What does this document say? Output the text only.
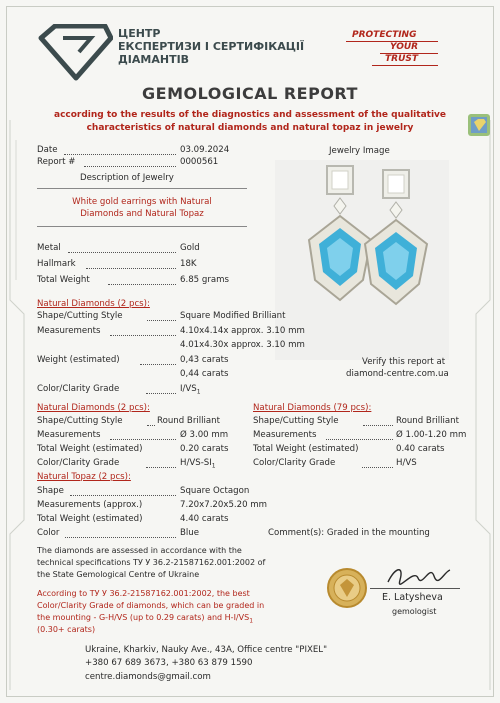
ЦЕНТР
ЕКСПЕРТИЗИ І СЕРТИФІКАЦІЇ
ДІАМАНТІВ
PROTECTING
YOUR
TRUST
GEMOLOGICAL REPORT
according to the results of the diagnostics and assessment of the qualitative
characteristics of natural diamonds and natural topaz in jewelry
Date	03.09.2024
Report #	0000561
Jewelry Image
Description of Jewelry
White gold earrings with Natural
Diamonds and Natural Topaz
Metal	Gold
Hallmark	18K
Total Weight	6.85 grams
Natural Diamonds (2 pcs):
Shape/Cutting Style	Square Modified Brilliant
Measurements	4.10x4.14x approx. 3.10 mm
4.01x4.30x approx. 3.10 mm
Weight (estimated)	0,43 carats
0,44 carats
Color/Clarity Grade	$I/VS_1$
Verify this report at
diamond-centre.com.ua
Natural Diamonds (2 pcs):
Shape/Cutting Style	Round Brilliant
Measurements	Ø 3.00 mm
Total Weight (estimated)	0.20 carats
Color/Clarity Grade	$H/VS-SI_1$
Natural Diamonds (79 pcs):
Shape/Cutting Style	Round Brilliant
Measurements	Ø 1.00-1.20 mm
Total Weight (estimated)	0.40 carats
Color/Clarity Grade	H/VS
Natural Topaz (2 pcs):
Shape	Square Octagon
Measurements (approx.)	7.20x7.20x5.20 mm
Total Weight (estimated)	4.40 carats
Color	Blue	Comment(s): Graded in the mounting
The diamonds are assessed in accordance with the
technical specifications ТУ У 36.2-21587162.001:2002 of
the State Gemological Centre of Ukraine
According to ТУ У 36.2-21587162.001:2002, the best
Color/Clarity Grade of diamonds, which can be graded in
the mounting - G-H/VS (up to 0.29 carats) and $H-I/VS_1$
(0.30+ carats)
E. Latysheva
gemologist
Ukraine, Kharkiv, Nauky Ave., 43A, Office centre "PIXEL"
+380 67 689 3673, +380 63 879 1590
centre.diamonds@gmail.com
